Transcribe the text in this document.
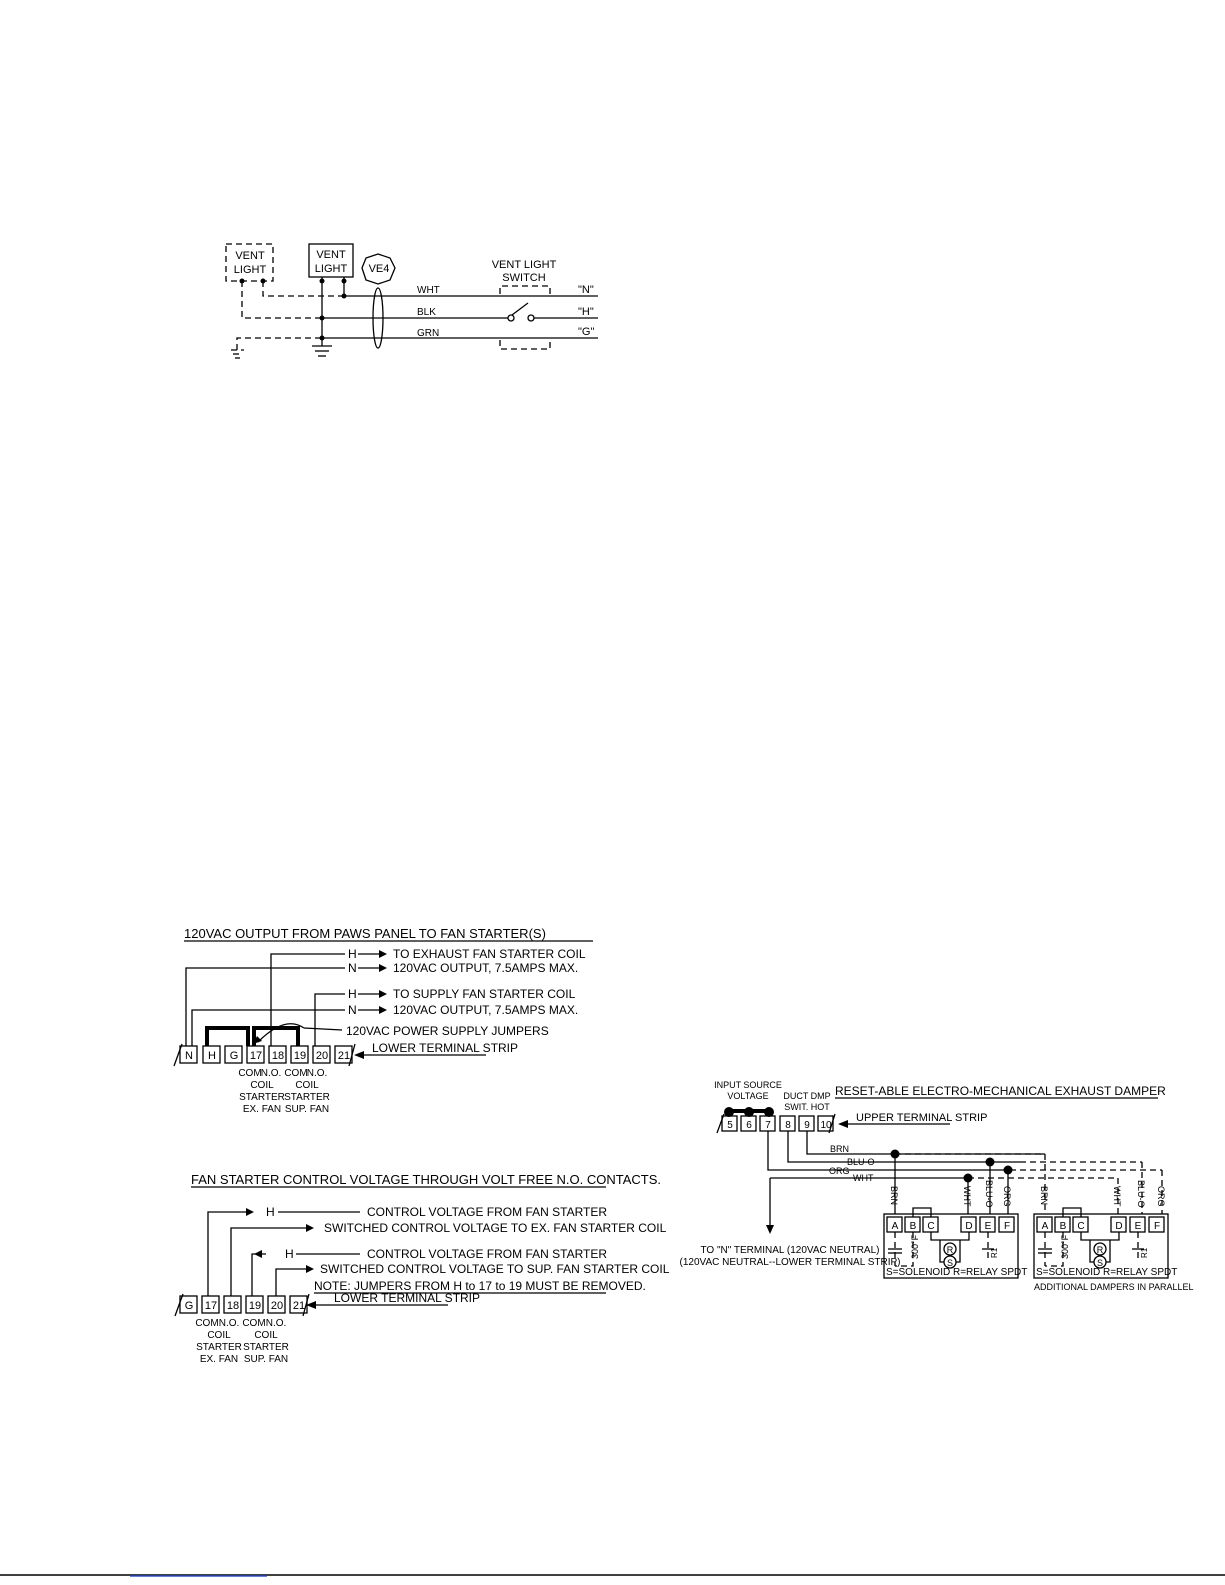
VENT
LIGHT
VENT
LIGHT VE4
WHT
BLK
GRN
VENT LIGHT
SWITCH
"N"
"H"
"G"
120VAC OUTPUT FROM PAWS PANEL TO FAN STARTER(S)
N H G 17 18 19 20 21
120VAC POWER SUPPLY JUMPERS
H
N
H
N
TO EXHAUST FAN STARTER COIL
120VAC OUTPUT, 7.5AMPS MAX.
TO SUPPLY FAN STARTER COIL
120VAC OUTPUT, 7.5AMPS MAX.
LOWER TERMINAL STRIP
COM N.O.
COIL
STARTER
EX. FAN
COM N.O.
COIL
STARTER
SUP. FAN
FAN STARTER CONTROL VOLTAGE THROUGH VOLT FREE N.O. CONTACTS.
G 17 18 19 20 21
H	CONTROL VOLTAGE FROM FAN STARTER
SWITCHED CONTROL VOLTAGE TO EX. FAN STARTER COIL
H	CONTROL VOLTAGE FROM FAN STARTER
SWITCHED CONTROL VOLTAGE TO SUP. FAN STARTER COIL
NOTE: JUMPERS FROM H to 17 to 19 MUST BE REMOVED.
LOWER TERMINAL STRIP
COM N.O.
COIL
STARTER
EX. FAN
COM N.O.
COIL
STARTER
SUP. FAN
RESET-ABLE ELECTRO-MECHANICAL EXHAUST DAMPER
INPUT SOURCE
VOLTAGE DUCT DMP
SWIT. HOT
5 6 7 8 9 10
UPPER TERMINAL STRIP
BRN
BLU-O
ORG
WHT
BRN	WHT BLU-O ORG	BRN	WHT BLU-O ORG
TO "N" TERMINAL (120VAC NEUTRAL)
(120VAC NEUTRAL--LOWER TERMINAL STRIP)
A B C	D E F
300°F	R
S
R1
S=SOLENOID R=RELAY SPDT
A B C	D E F
300°F	R
S
R1
S=SOLENOID R=RELAY SPDT
ADDITIONAL DAMPERS IN PARALLEL
